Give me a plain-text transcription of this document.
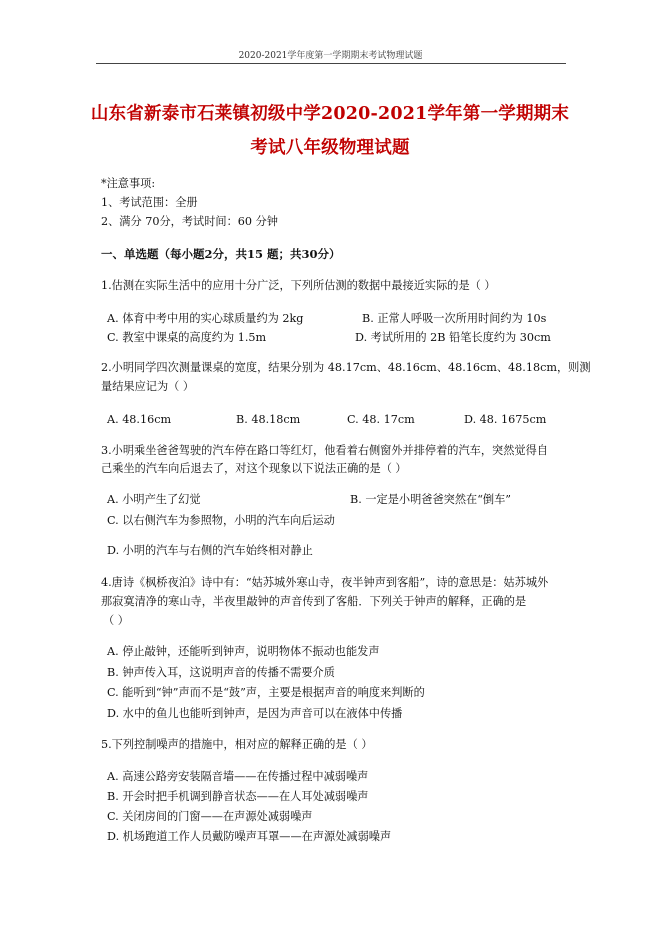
2020-2021学年度第一学期期末考试物理试题
山东省新泰市石莱镇初级中学2020-2021学年第一学期期末
考试八年级物理试题
*注意事项:
1、考试范围：全册
2、满分 70分，考试时间：60 分钟
一、单选题（每小题2分，共15 题；共30分）
1.估测在实际生活中的应用十分广泛，下列所估测的数据中最接近实际的是（ ）
A. 体育中考中用的实心球质量约为 2kg	B. 正常人呼吸一次所用时间约为 10s
C. 教室中课桌的高度约为 1.5m	D. 考试所用的 2B 铅笔长度约为 30cm
2.小明同学四次测量课桌的宽度，结果分别为 48.17cm、48.16cm、48.16cm、48.18cm，则测
量结果应记为（ ）
A. 48.16cm	B. 48.18cm	C. 48. 17cm	D. 48. 1675cm
3.小明乘坐爸爸驾驶的汽车停在路口等红灯，他看着右侧窗外并排停着的汽车，突然觉得自
己乘坐的汽车向后退去了，对这个现象以下说法正确的是（ ）
A. 小明产生了幻觉	B. 一定是小明爸爸突然在“倒车”
C. 以右侧汽车为参照物，小明的汽车向后运动
D. 小明的汽车与右侧的汽车始终相对静止
4.唐诗《枫桥夜泊》诗中有：“姑苏城外寒山寺，夜半钟声到客船”，诗的意思是：姑苏城外
那寂寞清净的寒山寺，半夜里敲钟的声音传到了客船．下列关于钟声的解释，正确的是
（ ）
A. 停止敲钟，还能听到钟声，说明物体不振动也能发声
B. 钟声传入耳，这说明声音的传播不需要介质
C. 能听到“钟”声而不是“鼓”声，主要是根据声音的响度来判断的
D. 水中的鱼儿也能听到钟声，是因为声音可以在液体中传播
5.下列控制噪声的措施中，相对应的解释正确的是（ ）
A. 高速公路旁安装隔音墙——在传播过程中减弱噪声
B. 开会时把手机调到静音状态——在人耳处减弱噪声
C. 关闭房间的门窗——在声源处减弱噪声
D. 机场跑道工作人员戴防噪声耳罩——在声源处减弱噪声
